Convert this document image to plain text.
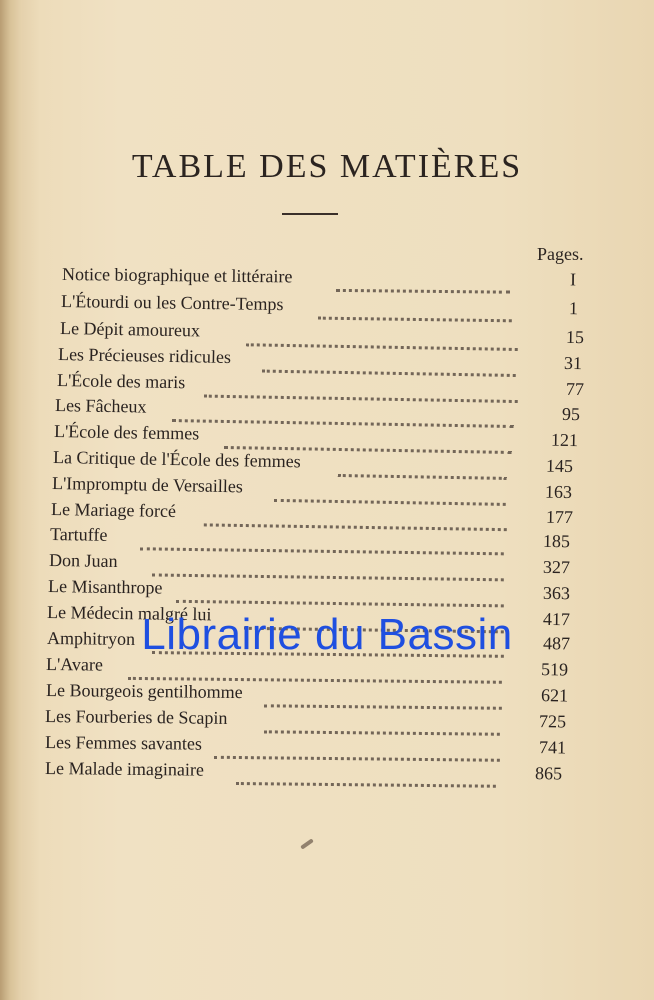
TABLE DES MATIÈRES
Pages.
Notice biographique et littéraire	I
L'Étourdi ou les Contre-Temps	1
Le Dépit amoureux	15
Les Précieuses ridicules	31
L'École des maris	77
Les Fâcheux	95
L'École des femmes	121
La Critique de l'École des femmes	145
L'Impromptu de Versailles	163
Le Mariage forcé	177
Tartuffe	185
Don Juan	327
Le Misanthrope	363
Le Médecin malgré lui	417
Amphitryon	487
L'Avare	519
Le Bourgeois gentilhomme	621
Les Fourberies de Scapin	725
Les Femmes savantes	741
Le Malade imaginaire	865
Librairie du Bassin
